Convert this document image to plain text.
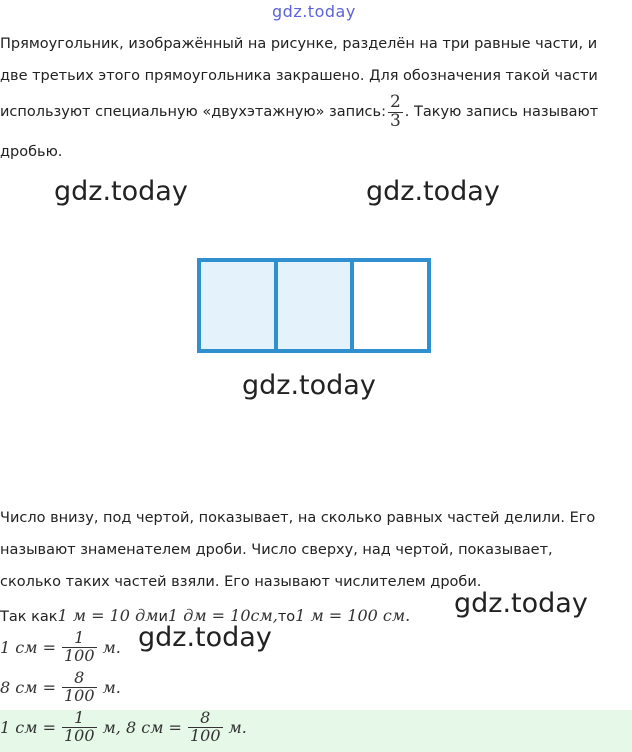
gdz.today
Прямоугольник, изображённый на рисунке, разделён на три равные части, и
две третьих этого прямоугольника закрашено. Для обозначения такой части
используют специальную «двухэтажную» запись: $\frac{2}{3}$ . Такую запись называют
дробью.
gdz.today	gdz.today
gdz.today
Число внизу, под чертой, показывает, на сколько равных частей делили. Его
называют знаменателем дроби. Число сверху, над чертой, показывает,
сколько таких частей взяли. Его называют числителем дроби.
Так как 1 м = 10 дм и 1 дм = 10см, то 1 м = 100 см. gdz.today
gdz.today
1 см = $\frac{1}{100} м$.
8 см = $\frac{8}{100} м$.
1 см = $\frac{1}{100} м$, 8 см = $\frac{8}{100} м$.
